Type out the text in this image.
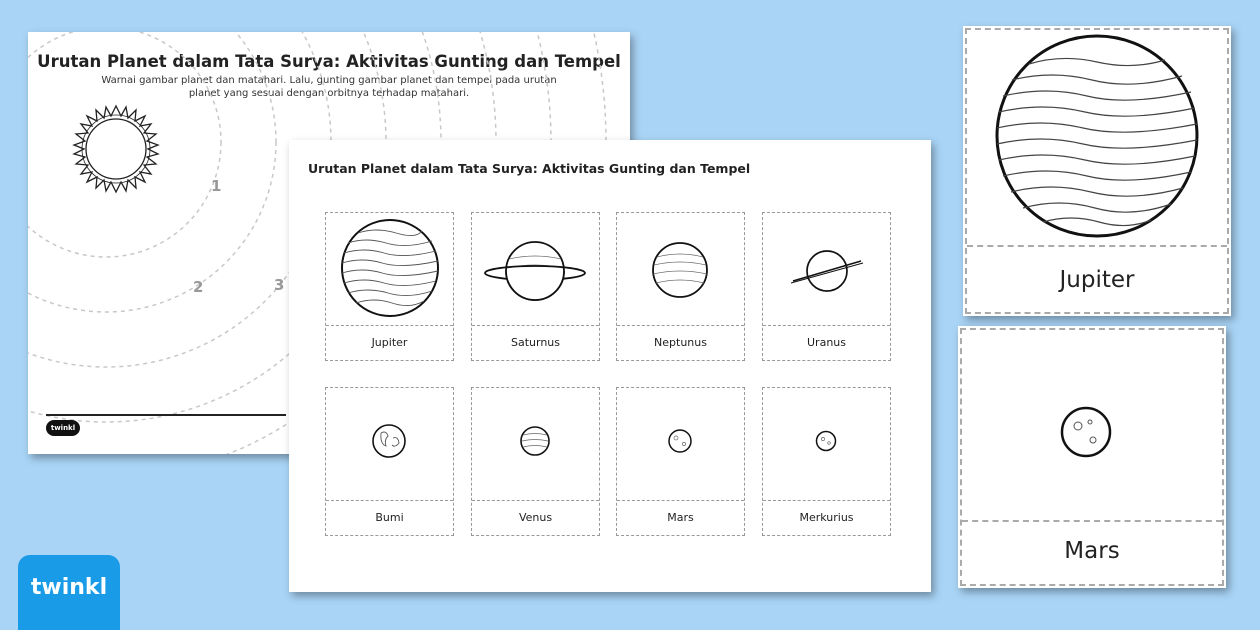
Urutan Planet dalam Tata Surya: Aktivitas Gunting dan Tempel
Warnai gambar planet dan matahari. Lalu, gunting gambar planet dan tempel pada urutan
planet yang sesuai dengan orbitnya terhadap matahari.
1
2	3
twinkl
Urutan Planet dalam Tata Surya: Aktivitas Gunting dan Tempel
Jupiter	Saturnus	Neptunus	Uranus
Bumi	Venus	Mars	Merkurius
Jupiter
Mars
twinkl
